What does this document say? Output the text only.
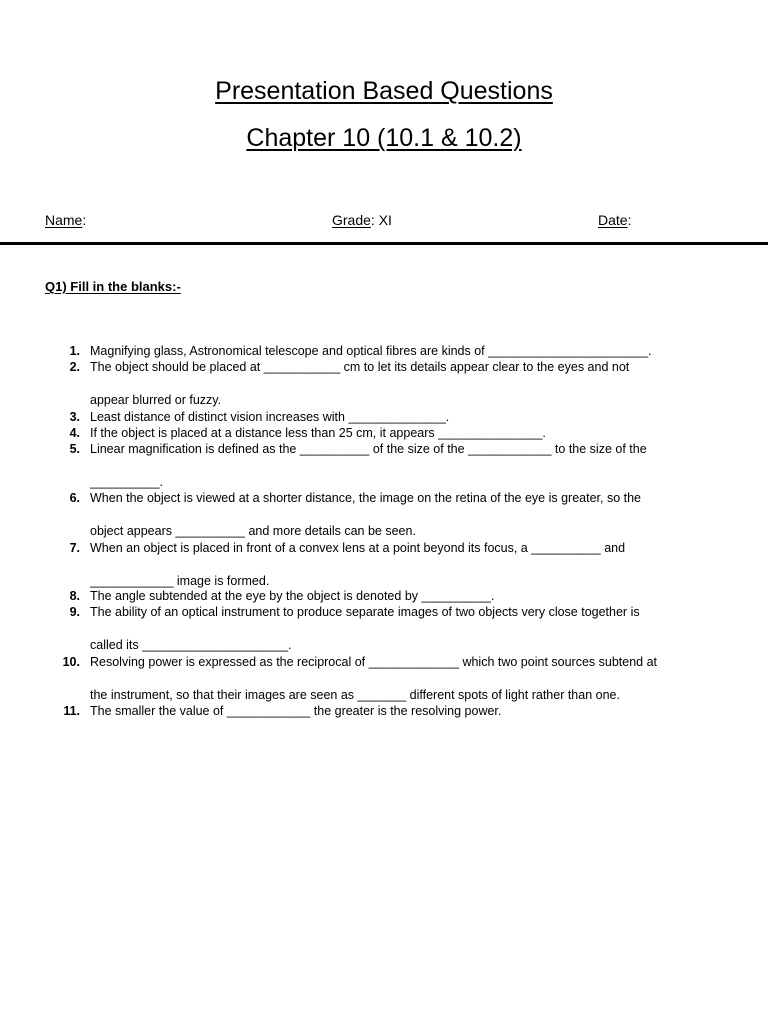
Presentation Based Questions
Chapter 10 (10.1 & 10.2)
Name:	Grade: XI	Date:
Q1) Fill in the blanks:-
1. Magnifying glass, Astronomical telescope and optical fibres are kinds of _______________________.
2. The object should be placed at ___________ cm to let its details appear clear to the eyes and not
appear blurred or fuzzy.
3. Least distance of distinct vision increases with ______________.
4. If the object is placed at a distance less than 25 cm, it appears _______________.
5. Linear magnification is defined as the __________ of the size of the ____________ to the size of the
__________.
6. When the object is viewed at a shorter distance, the image on the retina of the eye is greater, so the
object appears __________ and more details can be seen.
7. When an object is placed in front of a convex lens at a point beyond its focus, a __________ and
____________ image is formed.
8. The angle subtended at the eye by the object is denoted by __________.
9. The ability of an optical instrument to produce separate images of two objects very close together is
called its _____________________.
10. Resolving power is expressed as the reciprocal of _____________ which two point sources subtend at
the instrument, so that their images are seen as _______ different spots of light rather than one.
11. The smaller the value of ____________ the greater is the resolving power.
